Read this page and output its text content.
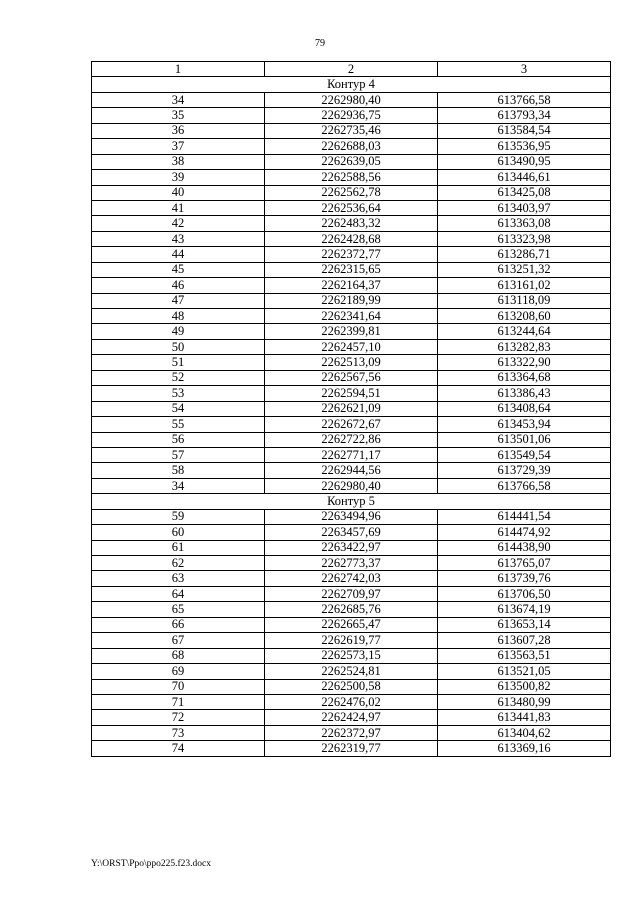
79
1	2	3
Контур 4		
34	2262980,40	613766,58
35	2262936,75	613793,34
36	2262735,46	613584,54
37	2262688,03	613536,95
38	2262639,05	613490,95
39	2262588,56	613446,61
40	2262562,78	613425,08
41	2262536,64	613403,97
42	2262483,32	613363,08
43	2262428,68	613323,98
44	2262372,77	613286,71
45	2262315,65	613251,32
46	2262164,37	613161,02
47	2262189,99	613118,09
48	2262341,64	613208,60
49	2262399,81	613244,64
50	2262457,10	613282,83
51	2262513,09	613322,90
52	2262567,56	613364,68
53	2262594,51	613386,43
54	2262621,09	613408,64
55	2262672,67	613453,94
56	2262722,86	613501,06
57	2262771,17	613549,54
58	2262944,56	613729,39
34	2262980,40	613766,58
Контур 5		
59	2263494,96	614441,54
60	2263457,69	614474,92
61	2263422,97	614438,90
62	2262773,37	613765,07
63	2262742,03	613739,76
64	2262709,97	613706,50
65	2262685,76	613674,19
66	2262665,47	613653,14
67	2262619,77	613607,28
68	2262573,15	613563,51
69	2262524,81	613521,05
70	2262500,58	613500,82
71	2262476,02	613480,99
72	2262424,97	613441,83
73	2262372,97	613404,62
74	2262319,77	613369,16
Y:\ORST\Ppo\ppo225.f23.docx
